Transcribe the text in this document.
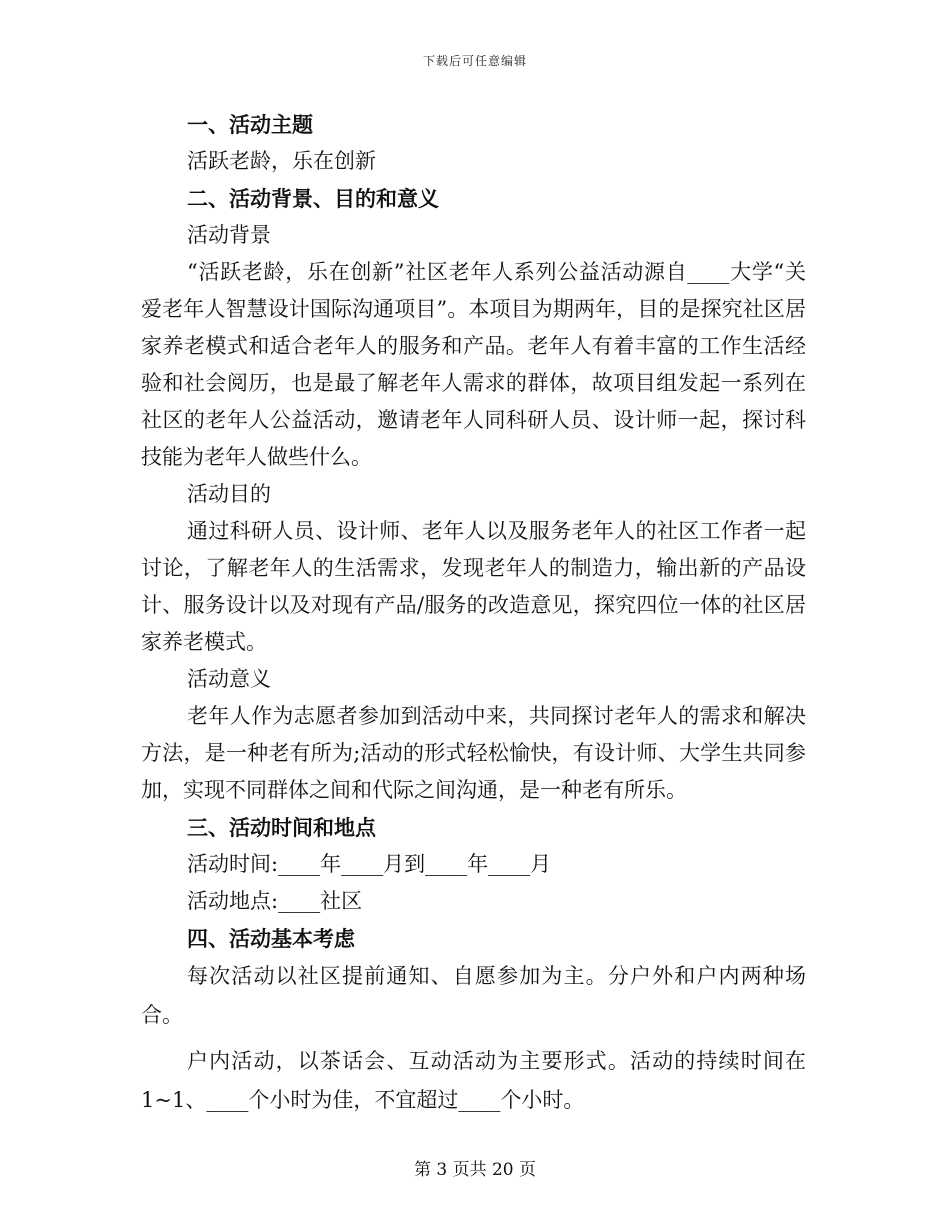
下载后可任意编辑

一、活动主题

活跃老龄，乐在创新

二、活动背景、目的和意义

活动背景

“活跃老龄，乐在创新”社区老年人系列公益活动源自____大学“关爱老年人智慧设计国际沟通项目”。本项目为期两年，目的是探究社区居家养老模式和适合老年人的服务和产品。老年人有着丰富的工作生活经验和社会阅历，也是最了解老年人需求的群体，故项目组发起一系列在社区的老年人公益活动，邀请老年人同科研人员、设计师一起，探讨科技能为老年人做些什么。

活动目的

通过科研人员、设计师、老年人以及服务老年人的社区工作者一起讨论，了解老年人的生活需求，发现老年人的制造力，输出新的产品设计、服务设计以及对现有产品/服务的改造意见，探究四位一体的社区居家养老模式。

活动意义

老年人作为志愿者参加到活动中来，共同探讨老年人的需求和解决方法，是一种老有所为;活动的形式轻松愉快，有设计师、大学生共同参加，实现不同群体之间和代际之间沟通，是一种老有所乐。

三、活动时间和地点

活动时间:____年____月到____年____月

活动地点:____社区

四、活动基本考虑

每次活动以社区提前通知、自愿参加为主。分户外和户内两种场合。

户内活动，以茶话会、互动活动为主要形式。活动的持续时间在1~1、____个小时为佳，不宜超过____个小时。

第 3 页共 20 页
